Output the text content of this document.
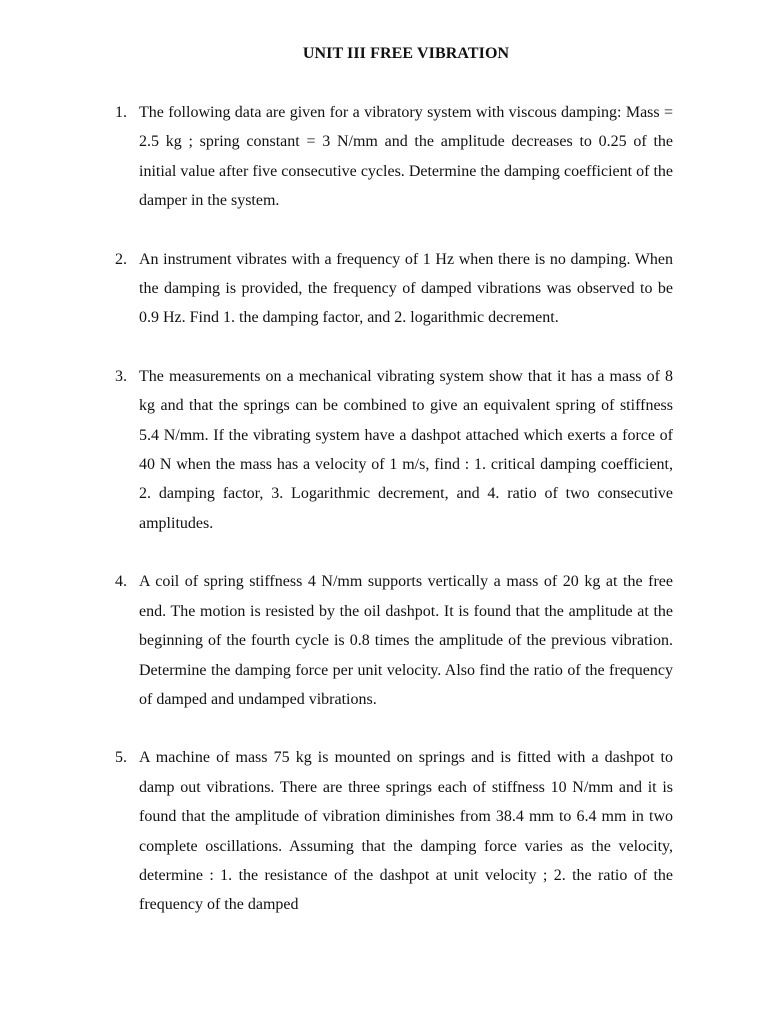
UNIT III FREE VIBRATION
1. The following data are given for a vibratory system with viscous damping: Mass = 2.5 kg ; spring constant = 3 N/mm and the amplitude decreases to 0.25 of the initial value after five consecutive cycles. Determine the damping coefficient of the damper in the system.
2. An instrument vibrates with a frequency of 1 Hz when there is no damping. When the damping is provided, the frequency of damped vibrations was observed to be 0.9 Hz. Find 1. the damping factor, and 2. logarithmic decrement.
3. The measurements on a mechanical vibrating system show that it has a mass of 8 kg and that the springs can be combined to give an equivalent spring of stiffness 5.4 N/mm. If the vibrating system have a dashpot attached which exerts a force of 40 N when the mass has a velocity of 1 m/s, find : 1. critical damping coefficient, 2. damping factor, 3. Logarithmic decrement, and 4. ratio of two consecutive amplitudes.
4. A coil of spring stiffness 4 N/mm supports vertically a mass of 20 kg at the free end. The motion is resisted by the oil dashpot. It is found that the amplitude at the beginning of the fourth cycle is 0.8 times the amplitude of the previous vibration. Determine the damping force per unit velocity. Also find the ratio of the frequency of damped and undamped vibrations.
5. A machine of mass 75 kg is mounted on springs and is fitted with a dashpot to damp out vibrations. There are three springs each of stiffness 10 N/mm and it is found that the amplitude of vibration diminishes from 38.4 mm to 6.4 mm in two complete oscillations. Assuming that the damping force varies as the velocity, determine : 1. the resistance of the dashpot at unit velocity ; 2. the ratio of the frequency of the damped
